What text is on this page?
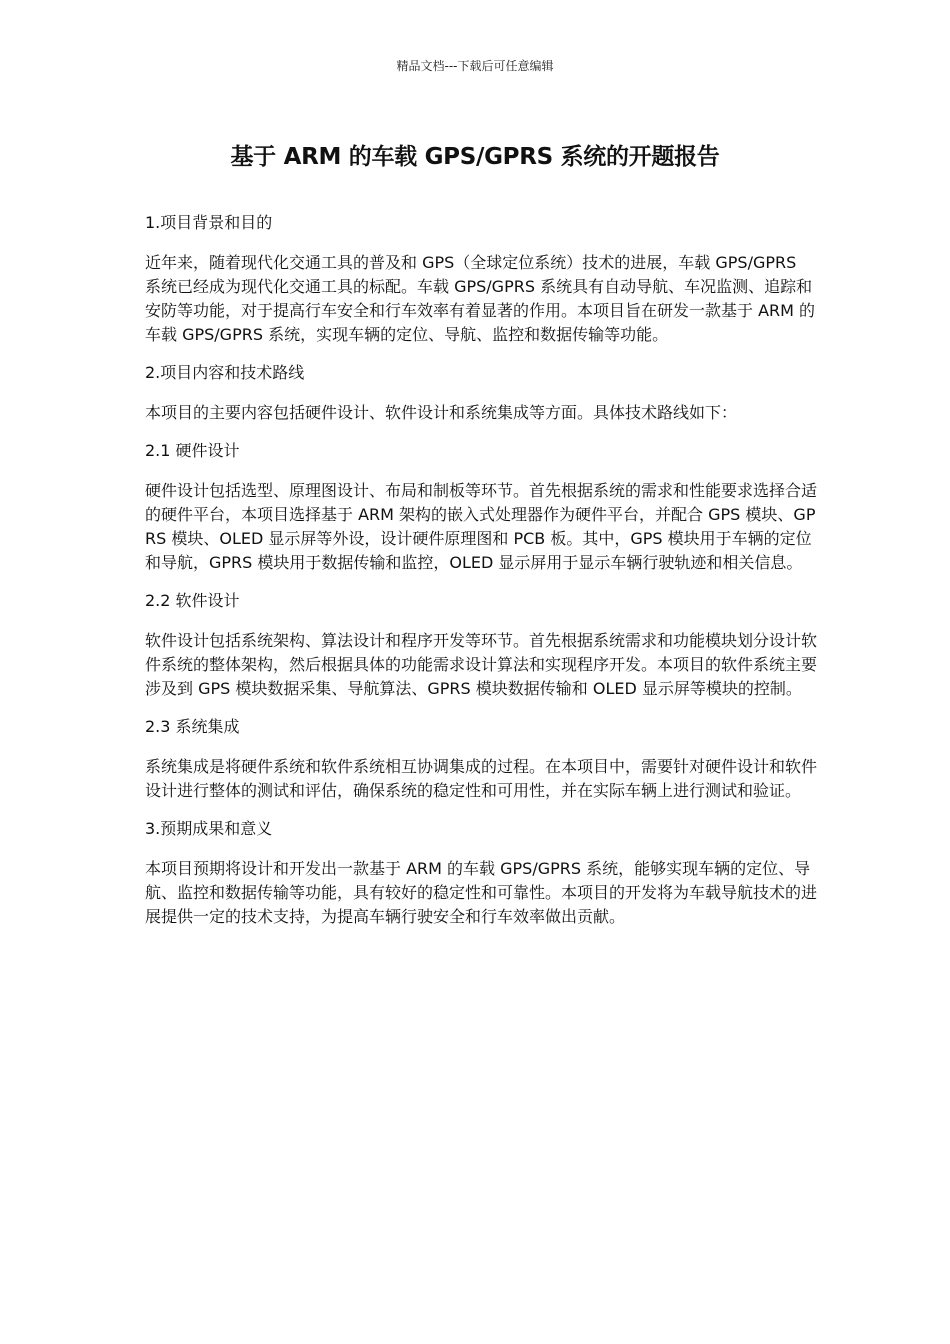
精品文档---下载后可任意编辑
基于 ARM 的车载 GPS/GPRS 系统的开题报告

1.项目背景和目的

近年来，随着现代化交通工具的普及和 GPS（全球定位系统）技术的进展，车载 GPS/GPRS 系统已经成为现代化交通工具的标配。车载 GPS/GPRS 系统具有自动导航、车况监测、追踪和安防等功能，对于提高行车安全和行车效率有着显著的作用。本项目旨在研发一款基于 ARM 的车载 GPS/GPRS 系统，实现车辆的定位、导航、监控和数据传输等功能。

2.项目内容和技术路线

本项目的主要内容包括硬件设计、软件设计和系统集成等方面。具体技术路线如下：

2.1 硬件设计

硬件设计包括选型、原理图设计、布局和制板等环节。首先根据系统的需求和性能要求选择合适的硬件平台，本项目选择基于 ARM 架构的嵌入式处理器作为硬件平台，并配合 GPS 模块、GPRS 模块、OLED 显示屏等外设，设计硬件原理图和 PCB 板。其中，GPS 模块用于车辆的定位和导航，GPRS 模块用于数据传输和监控，OLED 显示屏用于显示车辆行驶轨迹和相关信息。

2.2 软件设计

软件设计包括系统架构、算法设计和程序开发等环节。首先根据系统需求和功能模块划分设计软件系统的整体架构，然后根据具体的功能需求设计算法和实现程序开发。本项目的软件系统主要涉及到 GPS 模块数据采集、导航算法、GPRS 模块数据传输和 OLED 显示屏等模块的控制。

2.3 系统集成

系统集成是将硬件系统和软件系统相互协调集成的过程。在本项目中，需要针对硬件设计和软件设计进行整体的测试和评估，确保系统的稳定性和可用性，并在实际车辆上进行测试和验证。

3.预期成果和意义

本项目预期将设计和开发出一款基于 ARM 的车载 GPS/GPRS 系统，能够实现车辆的定位、导航、监控和数据传输等功能，具有较好的稳定性和可靠性。本项目的开发将为车载导航技术的进展提供一定的技术支持，为提高车辆行驶安全和行车效率做出贡献。
